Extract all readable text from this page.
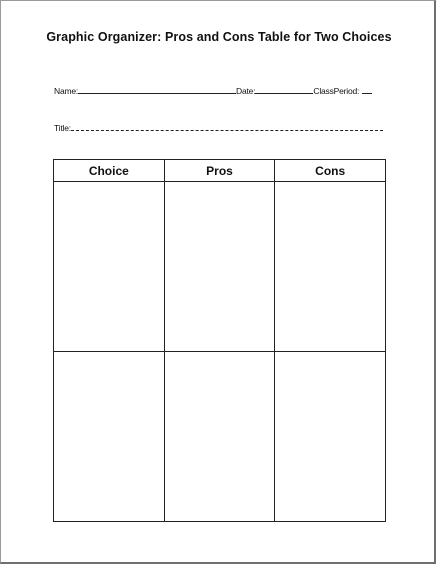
Graphic Organizer: Pros and Cons Table for Two Choices
Name:	Date:	ClassPeriod:
Title:
Choice	Pros	Cons
